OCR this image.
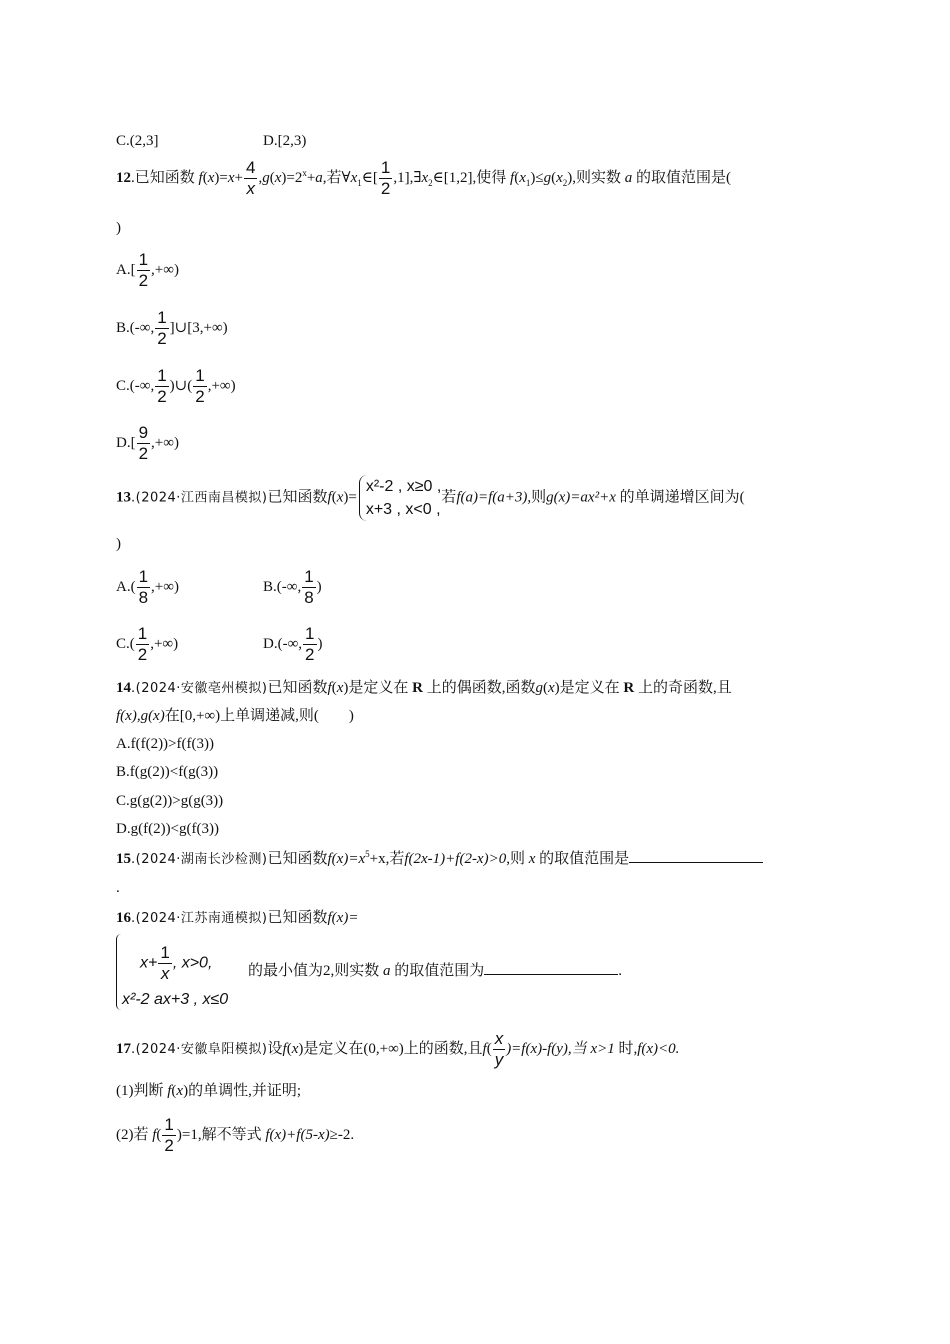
C.(2,3]	D.[2,3)
12.已知函数 $f(x)=x+ \frac{4}{x} ,g(x)=2^x+a$,若$\forall x_1\in[ \frac{1}{2}$ $,1],\exists x_2\in[1,2]$,使得 $f(x_1)\le g(x_2)$,则实数 a 的取值范围是(
)
$A.[ \frac{1}{2}$ ,+∞)
B.(-∞, $\frac{1}{2}$ ]∪[3,+∞)
C.(-∞, $\frac{1}{2}$ )∪( $\frac{1}{2}$ ,+∞)
$D.[ \frac{9}{2}$ ,+∞)
13.(2024·江西南昌模拟)已知函数f(x)=
x²-2 , x≥0 ,
x+3 , x<0 ,
若f(a)=f(a+3),则g(x)=ax²+x 的单调递增区间为(
)
$A.( \frac{1}{8}$ ,+∞)	B.(-∞, $\frac{1}{8}$ )
$C.( \frac{1}{2}$ ,+∞)	D.(-∞, $\frac{1}{2}$ )
14.(2024·安徽亳州模拟)已知函数f(x)是定义在 R 上的偶函数,函数g(x)是定义在 R 上的奇函数,且
f(x),g(x)在[0,+∞)上单调递减,则( )
A.f(f(2))>f(f(3))
B.f(g(2))<f(g(3))
C.g(g(2))>g(g(3))
D.g(f(2))<g(f(3))
15.(2024·湖南长沙检测)已知函数$f(x)=x^5+x$,若f(2x-1)+f(2-x)>0,则 x 的取值范围是
.
16.(2024·江苏南通模拟)已知函数f(x)=
$x+ \frac{1}{x}$ , x>0, 的最小值为2,则实数 a 的取值范围为	.
x²-2 ax+3 , x≤0
17.(2024·安徽阜阳模拟)设f(x)是定义在(0,+∞)上的函数,且$f( \frac{x}{y} )=f(x)-f(y)$,当 x>1 时,f(x)<0.
(1)判断 f(x)的单调性,并证明;
(2)若 $f( \frac{1}{2} )=1$,解不等式 f(x)+f(5-x)≥-2.
